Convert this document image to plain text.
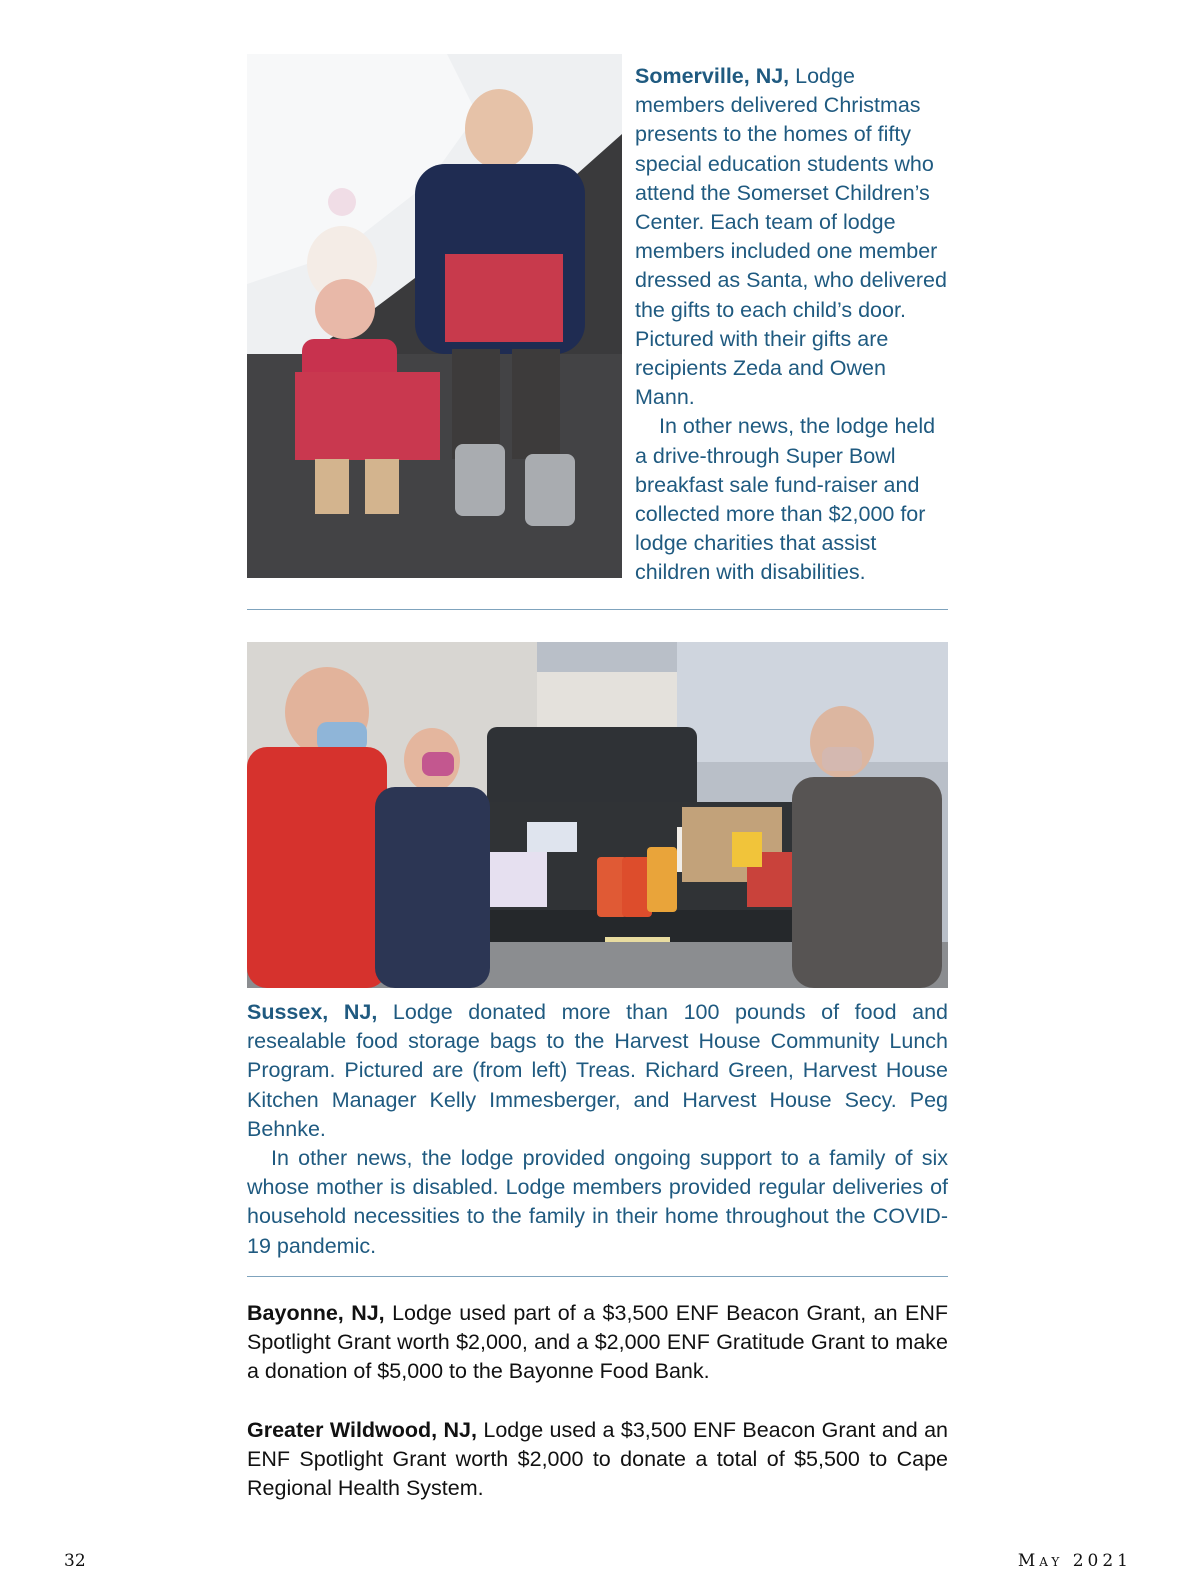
Somerville, NJ, Lodge members delivered Christmas presents to the homes of fifty special education students who attend the Somerset Children’s Center. Each team of lodge members included one member dressed as Santa, who delivered the gifts to each child’s door. Pictured with their gifts are recipients Zeda and Owen Mann.

In other news, the lodge held a drive-through Super Bowl breakfast sale fund-raiser and collected more than $2,000 for lodge charities that assist children with disabilities.

Sussex, NJ, Lodge donated more than 100 pounds of food and resealable food storage bags to the Harvest House Community Lunch Program. Pictured are (from left) Treas. Richard Green, Harvest House Kitchen Manager Kelly Immesberger, and Harvest House Secy. Peg Behnke.

In other news, the lodge provided ongoing support to a family of six whose mother is disabled. Lodge members provided regular deliveries of household necessities to the family in their home throughout the COVID-19 pandemic.

Bayonne, NJ, Lodge used part of a $3,500 ENF Beacon Grant, an ENF Spotlight Grant worth $2,000, and a $2,000 ENF Gratitude Grant to make a donation of $5,000 to the Bayonne Food Bank.

Greater Wildwood, NJ, Lodge used a $3,500 ENF Beacon Grant and an ENF Spotlight Grant worth $2,000 to donate a total of $5,500 to Cape Regional Health System.

32	May 2021
